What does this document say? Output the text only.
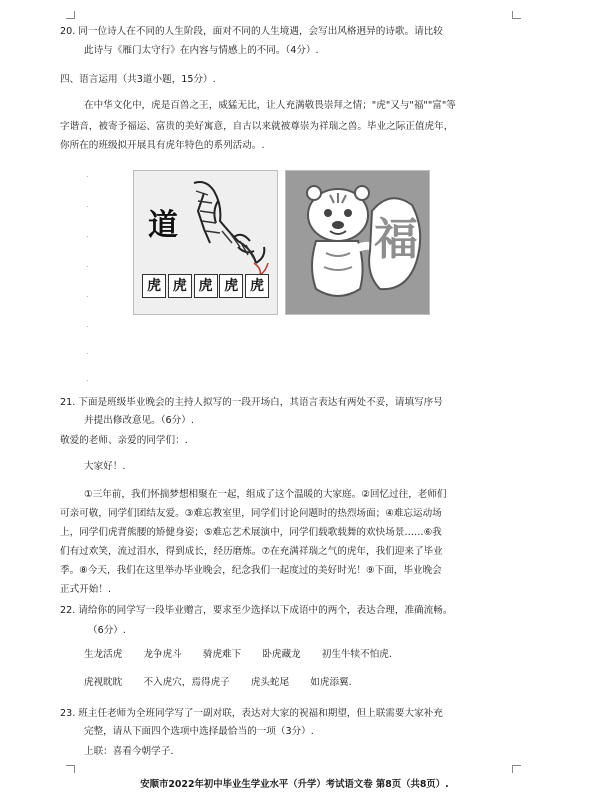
20. 同一位诗人在不同的人生阶段，面对不同的人生境遇，会写出风格迥异的诗歌。请比较
此诗与《雁门太守行》在内容与情感上的不同。（4分）.
四、语言运用（共3道小题，15分）.
在中华文化中，虎是百兽之王，威猛无比，让人充满敬畏崇拜之情；"虎"又与"福""富"等
字谐音，被寄予福运、富贵的美好寓意，自古以来就被尊崇为祥瑞之兽。毕业之际正值虎年，
你所在的班级拟开展具有虎年特色的系列活动。.
.
.
.
.
.
.
.
.
道
虎 虎 虎 虎 虎
福
21. 下面是班级毕业晚会的主持人拟写的一段开场白，其语言表达有两处不妥，请填写序号
并提出修改意见。（6分）.
敬爱的老师、亲爱的同学们：.
大家好！.
①三年前，我们怀揣梦想相聚在一起，组成了这个温暖的大家庭。②回忆过往，老师们
可亲可敬，同学们团结友爱。③难忘教室里，同学们讨论问题时的热烈场面；④难忘运动场
上，同学们虎背熊腰的矫健身姿；⑤难忘艺术展演中，同学们载歌载舞的欢快场景……⑥我
们有过欢笑，流过泪水，得到成长，经历磨炼。⑦在充满祥瑞之气的虎年，我们迎来了毕业
季。⑧今天，我们在这里举办毕业晚会，纪念我们一起度过的美好时光！⑨下面，毕业晚会
正式开始！.
22. 请给你的同学写一段毕业赠言，要求至少选择以下成语中的两个，表达合理，准确流畅。
（6分）.
生龙活虎 龙争虎斗 骑虎难下 卧虎藏龙 初生牛犊不怕虎.
虎视眈眈 不入虎穴，焉得虎子 虎头蛇尾 如虎添翼.
23. 班主任老师为全班同学写了一副对联，表达对大家的祝福和期望，但上联需要大家补充
完整，请从下面四个选项中选择最恰当的一项（3分）.
上联：喜看今朝学子.
安顺市2022年初中毕业生学业水平（升学）考试语文卷 第8页（共8页）.
